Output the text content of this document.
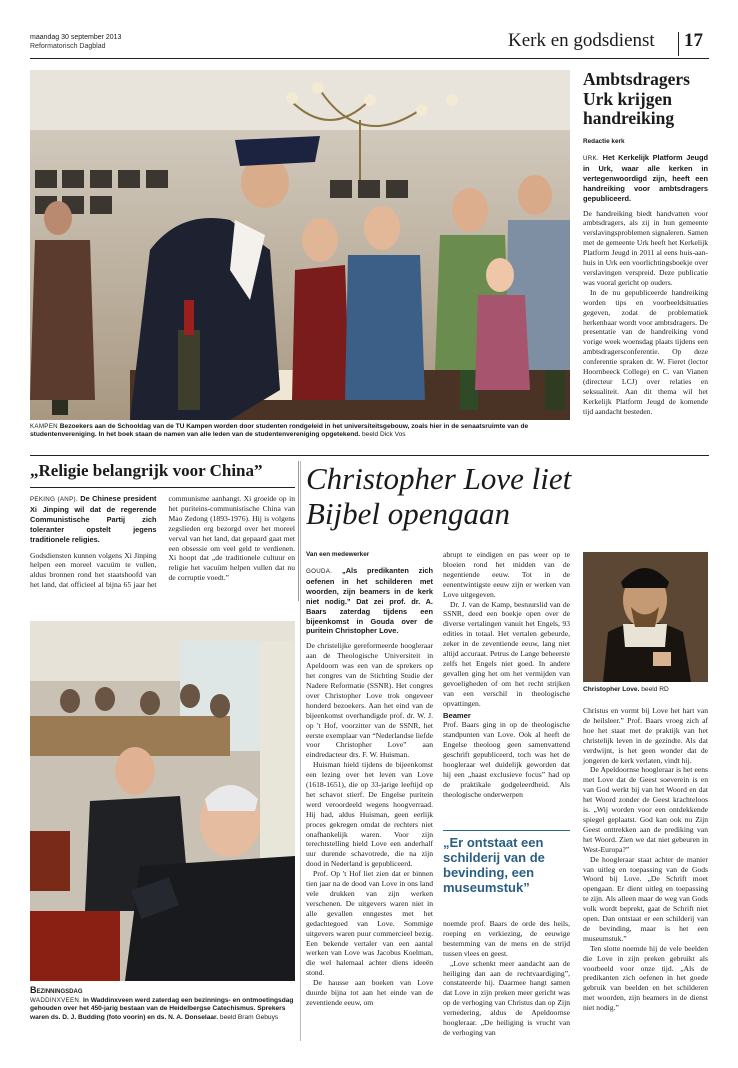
maandag 30 september 2013
Reformatorisch Dagblad	Kerk en godsdienst 17
KAMPEN Bezoekers aan de Schooldag van de TU Kampen worden door studenten rondgeleid in het universiteitsgebouw, zoals hier in de senaatsruimte van de studentenvereniging. In het boek staan de namen van alle leden van de studentenvereniging opgetekend. beeld Dick Vos
Ambtsdragers Urk krijgen handreiking
Redactie kerk

URK. Het Kerkelijk Platform Jeugd in Urk, waar alle kerken in vertegenwoordigd zijn, heeft een handreiking voor ambtsdragers gepubliceerd.

De handreiking biedt handvatten voor ambtsdragers, als zij in hun gemeente verslavingsproblemen signaleren. Samen met de gemeente Urk heeft het Kerkelijk Platform Jeugd in 2011 al eens huis-aan-huis in Urk een voorlichtingsboekje over verslavingen verspreid. Deze publicatie was vooral gericht op ouders.

In de nu gepubliceerde handreiking worden tips en voorbeeldsituaties gegeven, zodat de problematiek herkenbaar wordt voor ambtsdragers. De presentatie van de handreiking vond vorige week woensdag plaats tijdens een ambtsdragersconferentie. Op deze conferentie spraken dr. W. Fieret (lector Hoornbeeck College) en C. van Vianen (directeur LCJ) over relaties en seksualiteit. Aan dit thema wil het Kerkelijk Platform Jeugd de komende tijd aandacht besteden.

„Religie belangrijk voor China”

PEKING (ANP). De Chinese president Xi Jinping wil dat de regerende Communistische Partij zich toleranter opstelt jegens traditionele religies.

Godsdiensten kunnen volgens Xi Jinping helpen een moreel vacuüm te vullen, aldus bronnen rond het staatshoofd van het land, dat officieel al bijna 65 jaar het communisme aanhangt. Xi groeide op in het puriteins-communistische China van Mao Zedong (1893-1976). Hij is volgens zegslieden erg bezorgd over het moreel verval van het land, dat gepaard gaat met een obsessie om veel geld te verdienen. Xi hoopt dat „de traditionele cultuur en religie het vacuüm helpen vullen dat nu de corruptie voedt.”

Bezinningsdag
WADDINXVEEN. In Waddinxveen werd zaterdag een bezinnings- en ontmoetingsdag gehouden over het 450-jarig bestaan van de Heidelbergse Catechismus. Sprekers waren ds. D. J. Budding (foto voorin) en ds. N. A. Donselaar. beeld Bram Gebuys
Christopher Love liet Bijbel opengaan
Van een medewerker

GOUDA. „Als predikanten zich oefenen in het schilderen met woorden, zijn beamers in de kerk niet nodig.” Dat zei prof. dr. A. Baars zaterdag tijdens een bijeenkomst in Gouda over de puritein Christopher Love.

De christelijke gereformeerde hoogleraar aan de Theologische Universiteit in Apeldoorn was een van de sprekers op het congres van de Stichting Studie der Nadere Reformatie (SSNR). Het congres over Christopher Love trok ongeveer honderd bezoekers. Aan het eind van de bijeenkomst overhandigde prof. dr. W. J. op 't Hof, voorzitter van de SSNR, het eerste exemplaar van “Nederlandse liefde voor Christopher Love” aan eindredacteur drs. F. W. Huisman.

Huisman hield tijdens de bijeenkomst een lezing over het leven van Love (1618-1651), die op 33-jarige leeftijd op het schavot stierf. De Engelse puritein werd veroordeeld wegens hoogverraad. Hij had, aldus Huisman, geen eerlijk proces gekregen omdat de rechters niet onafhankelijk waren. Voor zijn terechtstelling hield Love een anderhalf uur durende schavotrede, die na zijn dood in Nederland is gepubliceerd.

Prof. Op 't Hof liet zien dat er binnen tien jaar na de dood van Love in ons land vele drukken van zijn werken verschenen. De uitgevers waren niet in alle gevallen enngestes met het gedachtegoed van Love. Sommige uitgevers waren puur commercieel bezig. Een bekende vertaler van een aantal werken van Love was Jacobus Koelman, die wel halemaal achter diens ideeën stond.

De hausse aan boeken van Love duurde bijna tot aan het einde van de zeventiende eeuw, om

abrupt te eindigen en pas weer op te bloeien rond het midden van de negentiende eeuw. Tot in de eenentwintigste eeuw zijn er werken van Love uitgegeven.

Dr. J. van de Kamp, bestuurslid van de SSNR, deed een boekje open over de diverse vertalingen vanuit het Engels, 93 edities in totaal. Het vertalen gebeurde, zeker in de zeventiende eeuw, lang niet altijd accuraat. Petrus de Lange beheerste zelfs het Engels niet goed. In andere gevallen ging het om het vermijden van gevoeligheden of om het recht strijken van een verschil in theologische opvattingen.

Beamer

Prof. Baars ging in op de theologische standpunten van Love. Ook al heeft de Engelse theoloog geen samenvattend geschrift gepubliceerd, toch was het de hoogleraar wel duidelijk geworden dat hij een „haast exclusieve focus” had op de praktikale godgeleerdheid. Als theologische onderwerpen

„Er ontstaat een schilderij van de bevinding, een museumstuk”

noemde prof. Baars de orde des heils, roeping en verkiezing, de eeuwige bestemming van de mens en de strijd tussen vlees en geest.

„Love schenkt meer aandacht aan de heiliging dan aan de rechtvaardiging”, constateerde hij. Daarmee hangt samen dat Love in zijn preken meer gericht was op de verhoging van Christus dan op Zijn vernedering, aldus de Apeldoornse hoogleraar. „De heiliging is vrucht van de verhoging van

Christopher Love. beeld RD

Christus en vormt bij Love het hart van de heilsleer.” Prof. Baars vroeg zich af hoe het staat met de praktijk van het christelijk leven in de gezindte. Als dat verdwijnt, is het geen wonder dat de jongeren de kerk verlaten, vindt hij.

De Apeldoornse hoogleraar is het eens met Love dat de Geest soeverein is en van God werkt bij van het Woord en dat het Woord zonder de Geest krachteloos is. „Wij worden voor een ontdekkende spiegel geplaatst. God kan ook nu Zijn Geest onttrekken aan de prediking van het Woord. Zien we dat niet gebeuren in West-Europa?”

De hoogleraar staat achter de manier van uitleg en toepassing van de Gods Woord bij Love. „De Schrift moet opengaan. Er dient uitleg en toepassing te zijn. Als alleen maar de weg van Gods volk wordt beprekt, gaat de Schrift niet open. Dan ontstaat er een schilderij van de bevinding, maar is het een museumstuk.”

Ten slotte noemde hij de vele beelden die Love in zijn preken gebruikt als voorbeeld voor onze tijd. „Als de predikanten zich oefenen in het goede gebruik van beelden en het schilderen met woorden, zijn beamers in de dienst niet nodig.”
